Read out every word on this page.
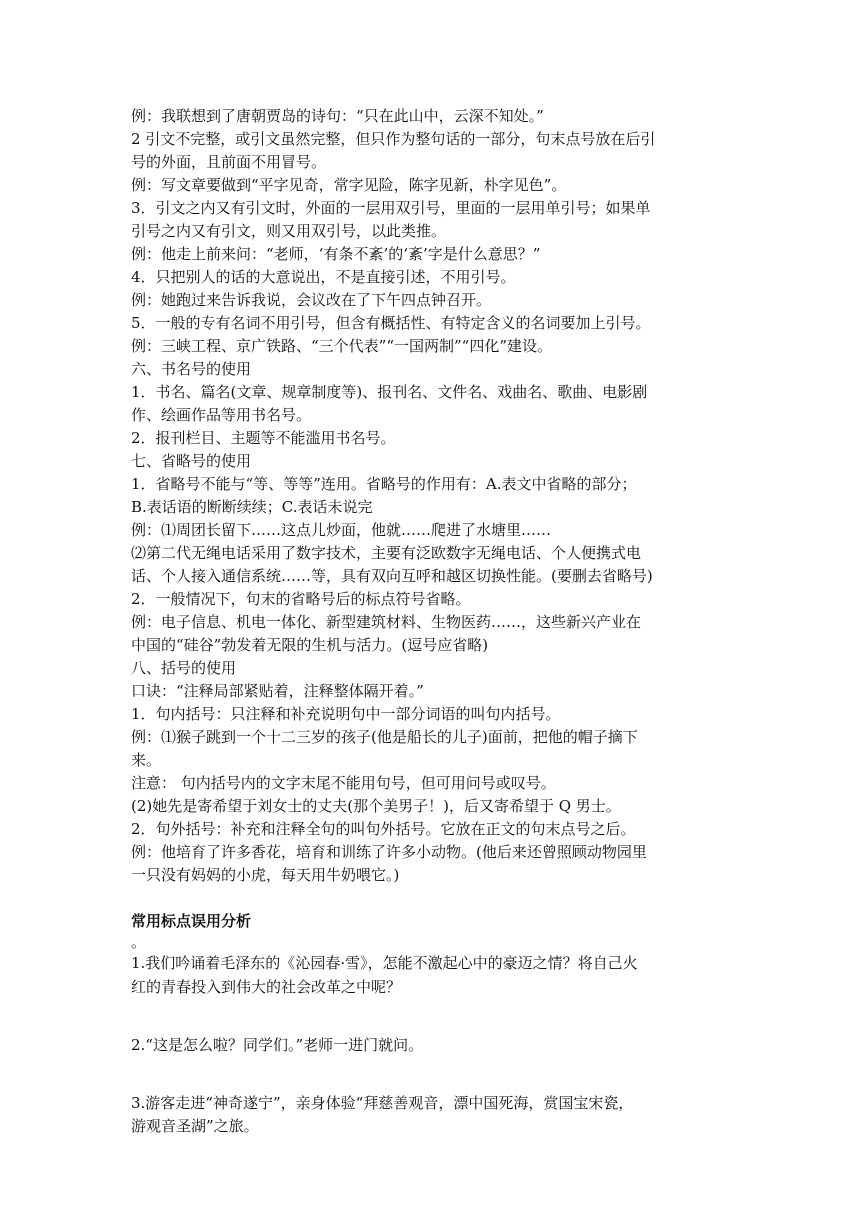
例：我联想到了唐朝贾岛的诗句：“只在此山中，云深不知处。”
2 引文不完整，或引文虽然完整，但只作为整句话的一部分，句末点号放在后引
号的外面，且前面不用冒号。
例：写文章要做到“平字见奇，常字见险，陈字见新，朴字见色”。
3．引文之内又有引文时，外面的一层用双引号，里面的一层用单引号；如果单
引号之内又有引文，则又用双引号，以此类推。
例：他走上前来问：“老师，‘有条不紊’的‘紊’字是什么意思？”
4．只把别人的话的大意说出，不是直接引述，不用引号。
例：她跑过来告诉我说，会议改在了下午四点钟召开。
5．一般的专有名词不用引号，但含有概括性、有特定含义的名词要加上引号。
例：三峡工程、京广铁路、“三个代表”“一国两制”“四化”建设。
六、书名号的使用
1．书名、篇名(文章、规章制度等)、报刊名、文件名、戏曲名、歌曲、电影剧
作、绘画作品等用书名号。
2．报刊栏目、主题等不能滥用书名号。
七、省略号的使用
1．省略号不能与“等、等等”连用。省略号的作用有：A.表文中省略的部分；
B.表话语的断断续续；C.表话未说完
例：⑴周团长留下……这点儿炒面，他就……爬进了水塘里……
⑵第二代无绳电话采用了数字技术，主要有泛欧数字无绳电话、个人便携式电
话、个人接入通信系统……等，具有双向互呼和越区切换性能。(要删去省略号)
2．一般情况下，句末的省略号后的标点符号省略。
例：电子信息、机电一体化、新型建筑材料、生物医药……，这些新兴产业在
中国的“硅谷”勃发着无限的生机与活力。(逗号应省略)
八、括号的使用
口诀：“注释局部紧贴着，注释整体隔开着。”
1．句内括号：只注释和补充说明句中一部分词语的叫句内括号。
例：⑴猴子跳到一个十二三岁的孩子(他是船长的儿子)面前，把他的帽子摘下
来。
注意： 句内括号内的文字末尾不能用句号，但可用问号或叹号。
(2)她先是寄希望于刘女士的丈夫(那个美男子！)，后又寄希望于 Q 男士。
2．句外括号：补充和注释全句的叫句外括号。它放在正文的句末点号之后。
例：他培育了许多香花，培育和训练了许多小动物。(他后来还曾照顾动物园里
一只没有妈妈的小虎，每天用牛奶喂它。)
常用标点误用分析
。
1.我们吟诵着毛泽东的《沁园春·雪》，怎能不激起心中的豪迈之情？将自己火
红的青春投入到伟大的社会改革之中呢？
2.“这是怎么啦？同学们。”老师一进门就问。
3.游客走进“神奇遂宁”，亲身体验“拜慈善观音，漂中国死海，赏国宝宋瓷，
游观音圣湖”之旅。
